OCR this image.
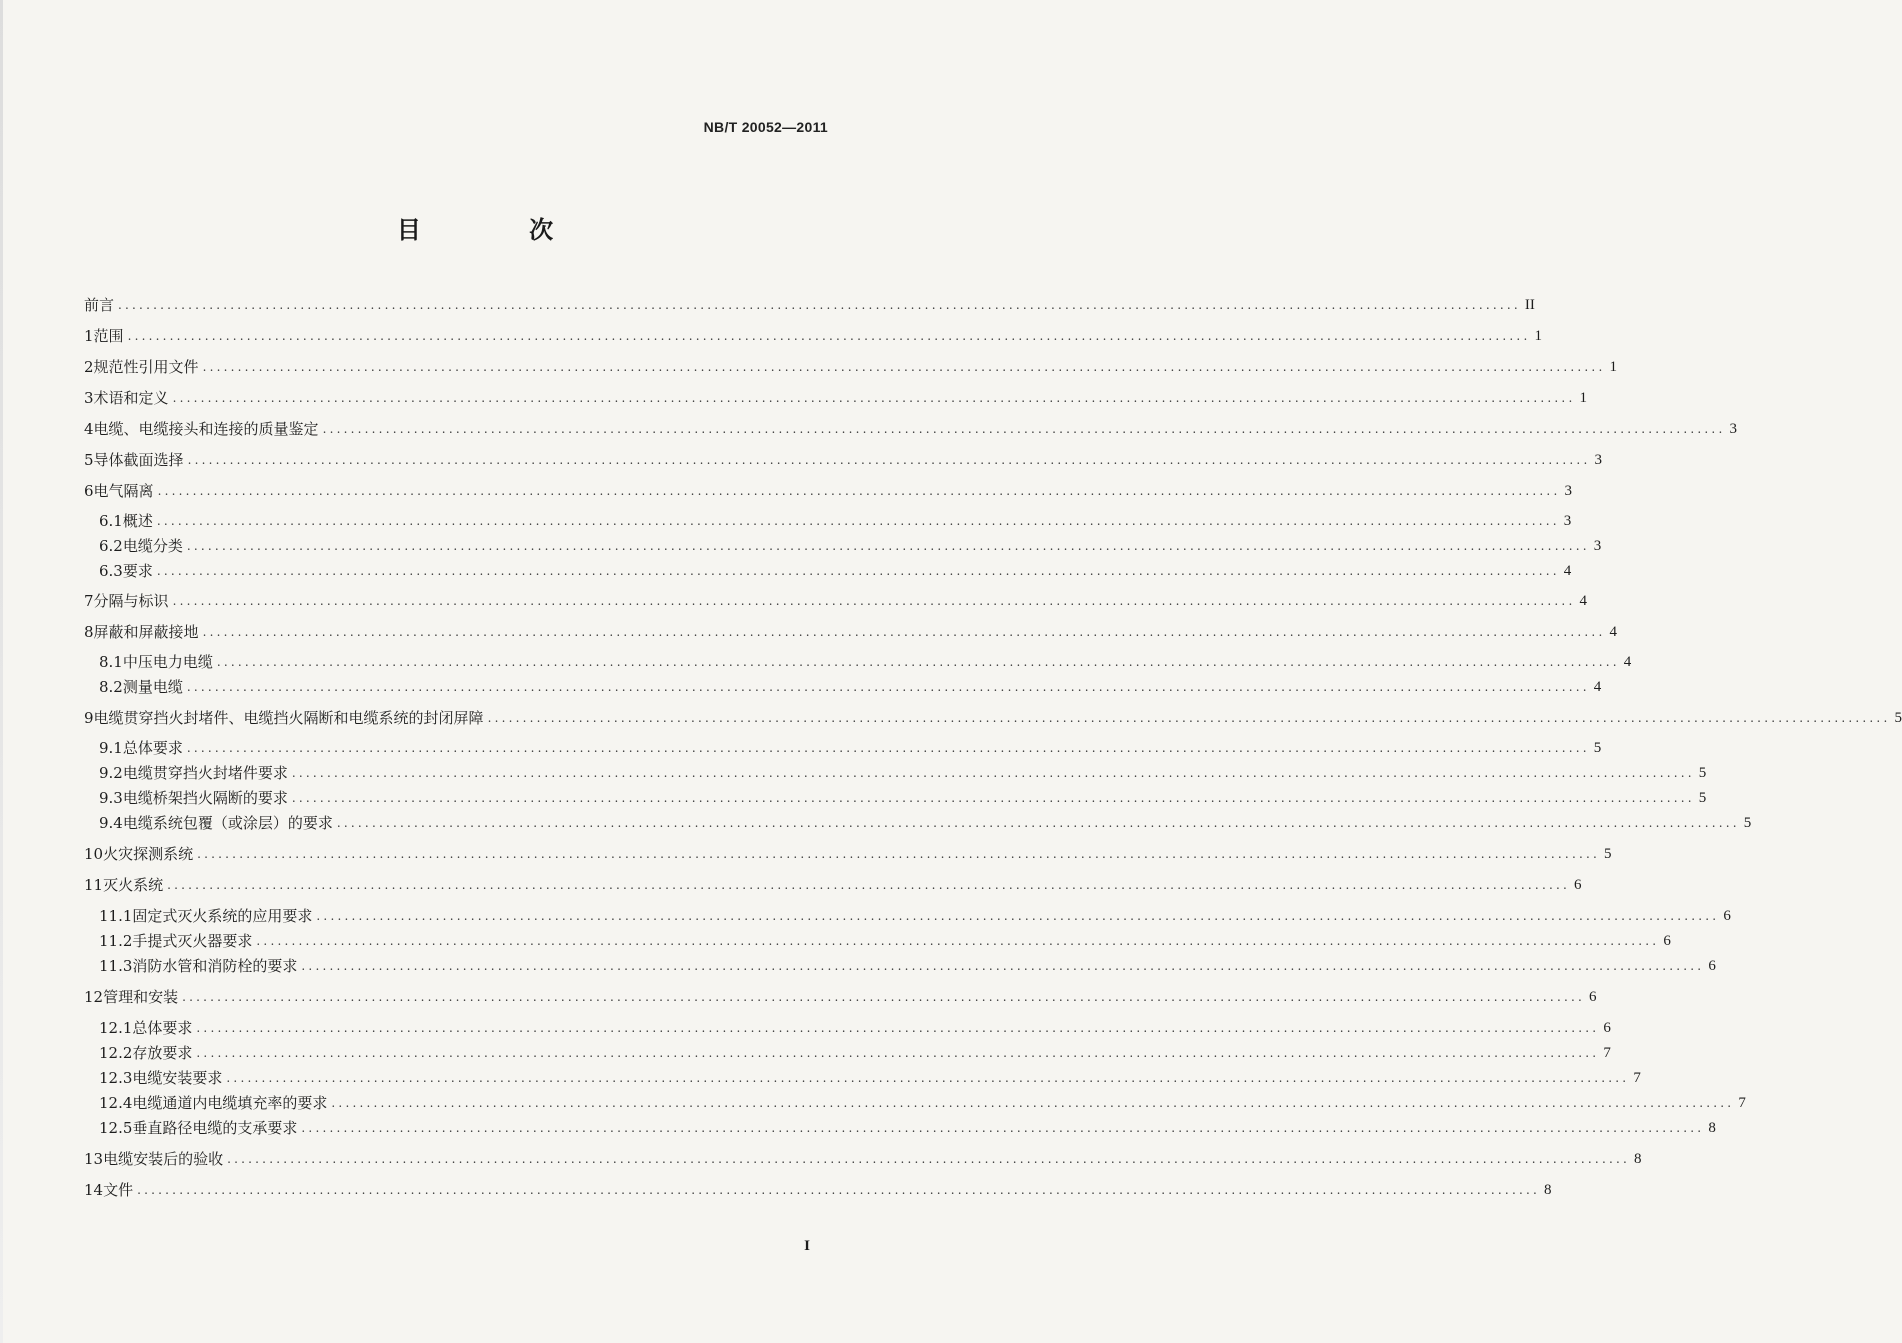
NB/T 20052—2011
目 次
前言 ........................................................................................................................................................................................................ II
1 范围 ........................................................................................................................................................................................................ 1
2 规范性引用文件 ........................................................................................................................................................................................................ 1
3 术语和定义 ........................................................................................................................................................................................................ 1
4 电缆、电缆接头和连接的质量鉴定 ........................................................................................................................................................................................................ 3
5 导体截面选择 ........................................................................................................................................................................................................ 3
6 电气隔离 ........................................................................................................................................................................................................ 3
6.1 概述 ........................................................................................................................................................................................................ 3
6.2 电缆分类 ........................................................................................................................................................................................................ 3
6.3 要求 ........................................................................................................................................................................................................ 4
7 分隔与标识 ........................................................................................................................................................................................................ 4
8 屏蔽和屏蔽接地 ........................................................................................................................................................................................................ 4
8.1 中压电力电缆 ........................................................................................................................................................................................................ 4
8.2 测量电缆 ........................................................................................................................................................................................................ 4
9 电缆贯穿挡火封堵件、电缆挡火隔断和电缆系统的封闭屏障 ........................................................................................................................................................................................................ 5
9.1 总体要求 ........................................................................................................................................................................................................ 5
9.2 电缆贯穿挡火封堵件要求 ........................................................................................................................................................................................................ 5
9.3 电缆桥架挡火隔断的要求 ........................................................................................................................................................................................................ 5
9.4 电缆系统包覆（或涂层）的要求 ........................................................................................................................................................................................................ 5
10 火灾探测系统 ........................................................................................................................................................................................................ 5
11 灭火系统 ........................................................................................................................................................................................................ 6
11.1 固定式灭火系统的应用要求 ........................................................................................................................................................................................................ 6
11.2 手提式灭火器要求 ........................................................................................................................................................................................................ 6
11.3 消防水管和消防栓的要求 ........................................................................................................................................................................................................ 6
12 管理和安装 ........................................................................................................................................................................................................ 6
12.1 总体要求 ........................................................................................................................................................................................................ 6
12.2 存放要求 ........................................................................................................................................................................................................ 7
12.3 电缆安装要求 ........................................................................................................................................................................................................ 7
12.4 电缆通道内电缆填充率的要求 ........................................................................................................................................................................................................ 7
12.5 垂直路径电缆的支承要求 ........................................................................................................................................................................................................ 8
13 电缆安装后的验收 ........................................................................................................................................................................................................ 8
14 文件 ........................................................................................................................................................................................................ 8
I
